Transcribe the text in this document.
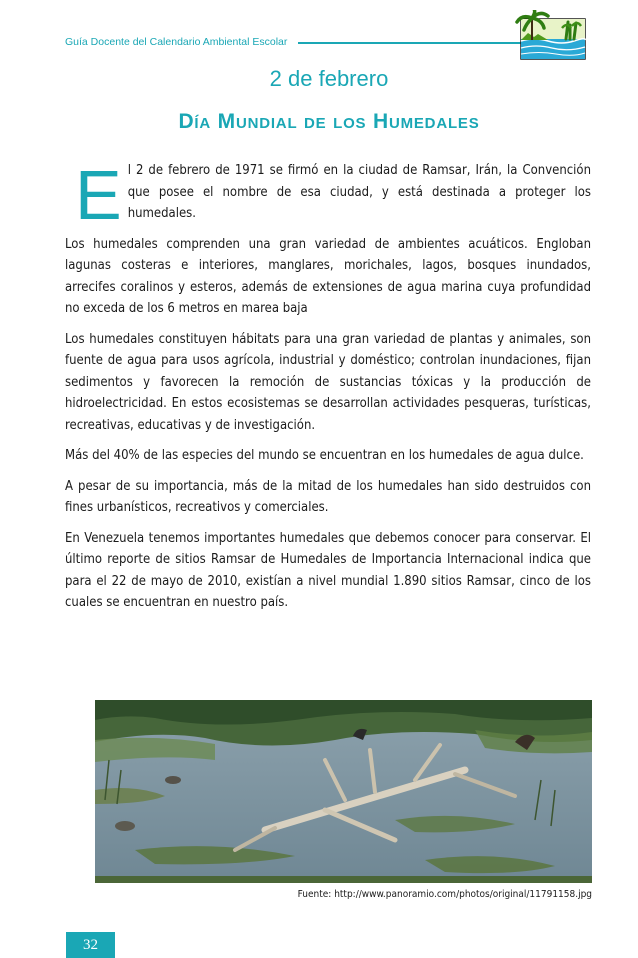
Guía Docente del Calendario Ambiental Escolar
2 de febrero
Día Mundial de los Humedales

El 2 de febrero de 1971 se firmó en la ciudad de Ramsar, Irán, la Convención que posee el nombre de esa ciudad, y está destinada a proteger los humedales.

Los humedales comprenden una gran variedad de ambientes acuáticos. Engloban lagunas costeras e interiores, manglares, morichales, lagos, bosques inundados, arrecifes coralinos y esteros, además de extensiones de agua marina cuya profundidad no exceda de los 6 metros en marea baja

Los humedales constituyen hábitats para una gran variedad de plantas y animales, son fuente de agua para usos agrícola, industrial y doméstico; controlan inundaciones, fijan sedimentos y favorecen la remoción de sustancias tóxicas y la producción de hidroelectricidad. En estos ecosistemas se desarrollan actividades pesqueras, turísticas, recreativas, educativas y de investigación.

Más del 40% de las especies del mundo se encuentran en los humedales de agua dulce.

A pesar de su importancia, más de la mitad de los humedales han sido destruidos con fines urbanísticos, recreativos y comerciales.

En Venezuela tenemos importantes humedales que debemos conocer para conservar. El último reporte de sitios Ramsar de Humedales de Importancia Internacional indica que para el 22 de mayo de 2010, existían a nivel mundial 1.890 sitios Ramsar, cinco de los cuales se encuentran en nuestro país.

Fuente: http://www.panoramio.com/photos/original/11791158.jpg
32
